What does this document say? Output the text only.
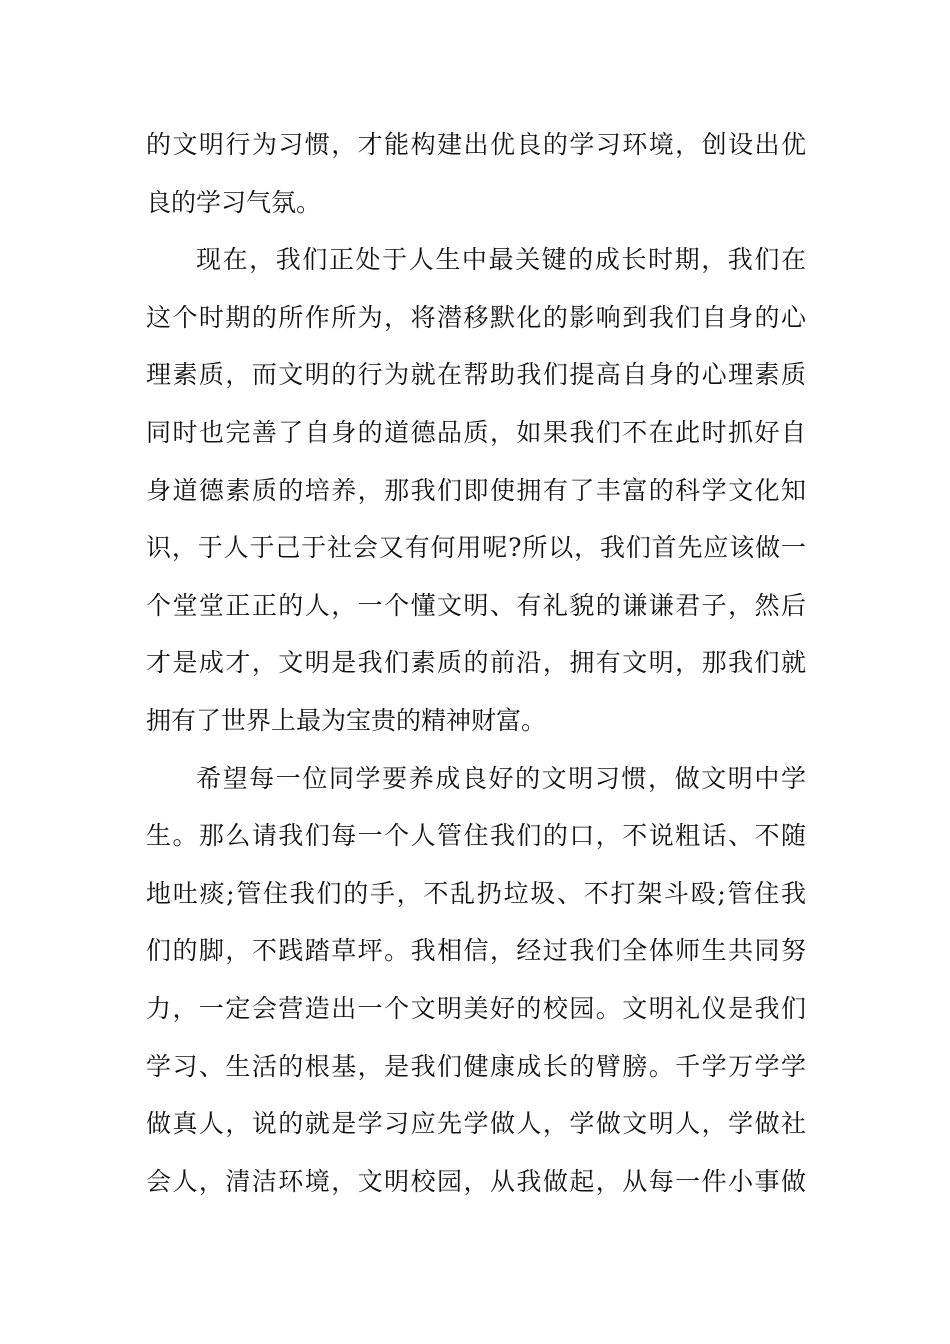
的文明行为习惯，才能构建出优良的学习环境，创设出优
良的学习气氛。
现在，我们正处于人生中最关键的成长时期，我们在
这个时期的所作所为，将潜移默化的影响到我们自身的心
理素质，而文明的行为就在帮助我们提高自身的心理素质
同时也完善了自身的道德品质，如果我们不在此时抓好自
身道德素质的培养，那我们即使拥有了丰富的科学文化知
识，于人于己于社会又有何用呢?所以，我们首先应该做一
个堂堂正正的人，一个懂文明、有礼貌的谦谦君子，然后
才是成才，文明是我们素质的前沿，拥有文明，那我们就
拥有了世界上最为宝贵的精神财富。
希望每一位同学要养成良好的文明习惯，做文明中学
生。那么请我们每一个人管住我们的口，不说粗话、不随
地吐痰;管住我们的手，不乱扔垃圾、不打架斗殴;管住我
们的脚，不践踏草坪。我相信，经过我们全体师生共同努
力，一定会营造出一个文明美好的校园。文明礼仪是我们
学习、生活的根基，是我们健康成长的臂膀。千学万学学
做真人，说的就是学习应先学做人，学做文明人，学做社
会人，清洁环境，文明校园，从我做起，从每一件小事做
